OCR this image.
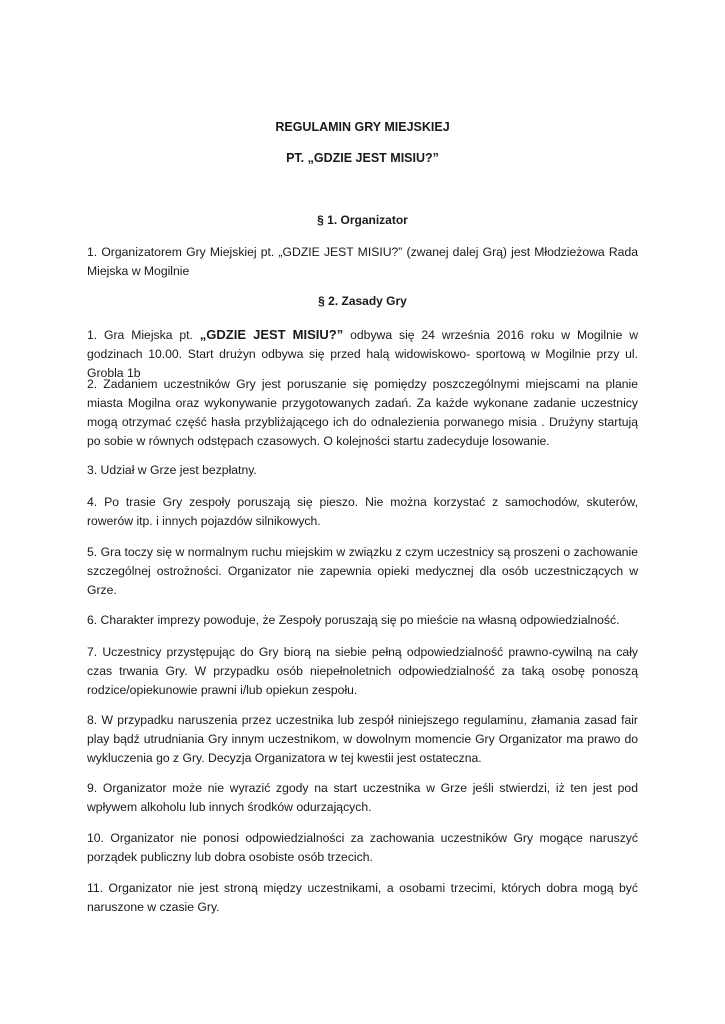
REGULAMIN GRY MIEJSKIEJ

PT. „GDZIE JEST MISIU?”

§ 1. Organizator

1. Organizatorem Gry Miejskiej pt. „GDZIE JEST MISIU?” (zwanej dalej Grą) jest Młodzieżowa Rada Miejska w Mogilnie

§ 2. Zasady Gry

1. Gra Miejska pt. „GDZIE JEST MISIU?” odbywa się 24 września 2016 roku w Mogilnie w godzinach 10.00. Start drużyn odbywa się przed halą widowiskowo- sportową w Mogilnie przy ul. Grobla 1b

2. Zadaniem uczestników Gry jest poruszanie się pomiędzy poszczególnymi miejscami na planie miasta Mogilna oraz wykonywanie przygotowanych zadań. Za każde wykonane zadanie uczestnicy mogą otrzymać część hasła przybliżającego ich do odnalezienia porwanego misia . Drużyny startują po sobie w równych odstępach czasowych. O kolejności startu zadecyduje losowanie.

3. Udział w Grze jest bezpłatny.

4. Po trasie Gry zespoły poruszają się pieszo. Nie można korzystać z samochodów, skuterów, rowerów itp. i innych pojazdów silnikowych.

5. Gra toczy się w normalnym ruchu miejskim w związku z czym uczestnicy są proszeni o zachowanie szczególnej ostrożności. Organizator nie zapewnia opieki medycznej dla osób uczestniczących w Grze.

6. Charakter imprezy powoduje, że Zespoły poruszają się po mieście na własną odpowiedzialność.

7. Uczestnicy przystępując do Gry biorą na siebie pełną odpowiedzialność prawno-cywilną na cały czas trwania Gry. W przypadku osób niepełnoletnich odpowiedzialność za taką osobę ponoszą rodzice/opiekunowie prawni i/lub opiekun zespołu.

8. W przypadku naruszenia przez uczestnika lub zespół niniejszego regulaminu, złamania zasad fair play bądź utrudniania Gry innym uczestnikom, w dowolnym momencie Gry Organizator ma prawo do wykluczenia go z Gry. Decyzja Organizatora w tej kwestii jest ostateczna.

9. Organizator może nie wyrazić zgody na start uczestnika w Grze jeśli stwierdzi, iż ten jest pod wpływem alkoholu lub innych środków odurzających.

10. Organizator nie ponosi odpowiedzialności za zachowania uczestników Gry mogące naruszyć porządek publiczny lub dobra osobiste osób trzecich.

11. Organizator nie jest stroną między uczestnikami, a osobami trzecimi, których dobra mogą być naruszone w czasie Gry.
